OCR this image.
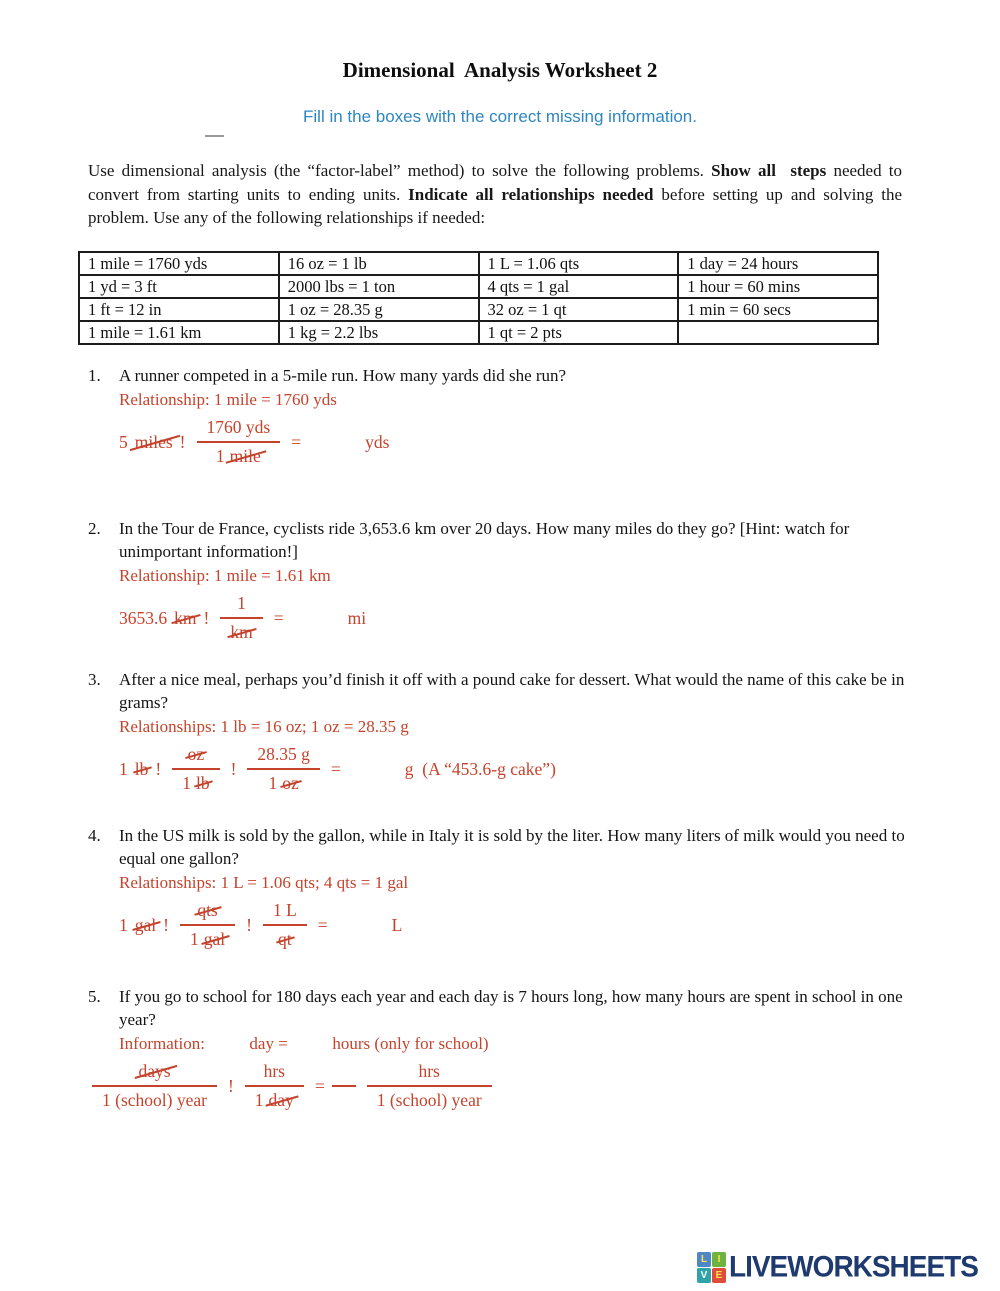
Dimensional  Analysis Worksheet 2
Fill in the boxes with the correct missing information.
Use dimensional analysis (the “factor-label” method) to solve the following problems. Show all  steps needed to convert from starting units to ending units. Indicate all relationships needed before setting up and solving the problem. Use any of the following relationships if needed:
1 mile = 1760 yds	16 oz = 1 lb	1 L = 1.06 qts	1 day = 24 hours
1 yd = 3 ft	2000 lbs = 1 ton	4 qts = 1 gal	1 hour = 60 mins
1 ft = 12 in	1 oz = 28.35 g	32 oz = 1 qt	1 min = 60 secs
1 mile = 1.61 km	1 kg = 2.2 lbs	1 qt = 2 pts	
1.	A runner competed in a 5-mile run. How many yards did she run?
Relationship: 1 mile = 1760 yds
5 miles ! $\frac{\text{1760 yds}}{\text{1 mile}}$ =	yds
2.	In the Tour de France, cyclists ride 3,653.6 km over 20 days. How many miles do they go? [Hint: watch for unimportant information!]
Relationship: 1 mile = 1.61 km
3653.6 km ! $\frac{1}{km}$ =	mi
3.	After a nice meal, perhaps you’d finish it off with a pound cake for dessert. What would the name of this cake be in grams?
Relationships: 1 lb = 16 oz; 1 oz = 28.35 g
1 lb ! $\frac{oz}{1 lb}$ ! $\frac{28.35 g}{1 oz}$ =	g  (A “453.6-g cake”)
4.	In the US milk is sold by the gallon, while in Italy it is sold by the liter. How many liters of milk would you need to equal one gallon?
Relationships: 1 L = 1.06 qts; 4 qts = 1 gal
1 gal ! $\frac{\text{qts}}{\text{1 gal}}$ ! $\frac{1 L}{qt}$ =	L
5.	If you go to school for 180 days each year and each day is 7 hours long, how many hours are spent in school in one year?
Information:	day =	hours (only for school)
$\frac{\text{days}}{\text{1 (school) year}}$ ! $\frac{\text{hrs}}{\text{1 day}} = \frac{\text{hrs}}{\text{1 (school) year}}$
L	I
V E LIVEWORKSHEETS
